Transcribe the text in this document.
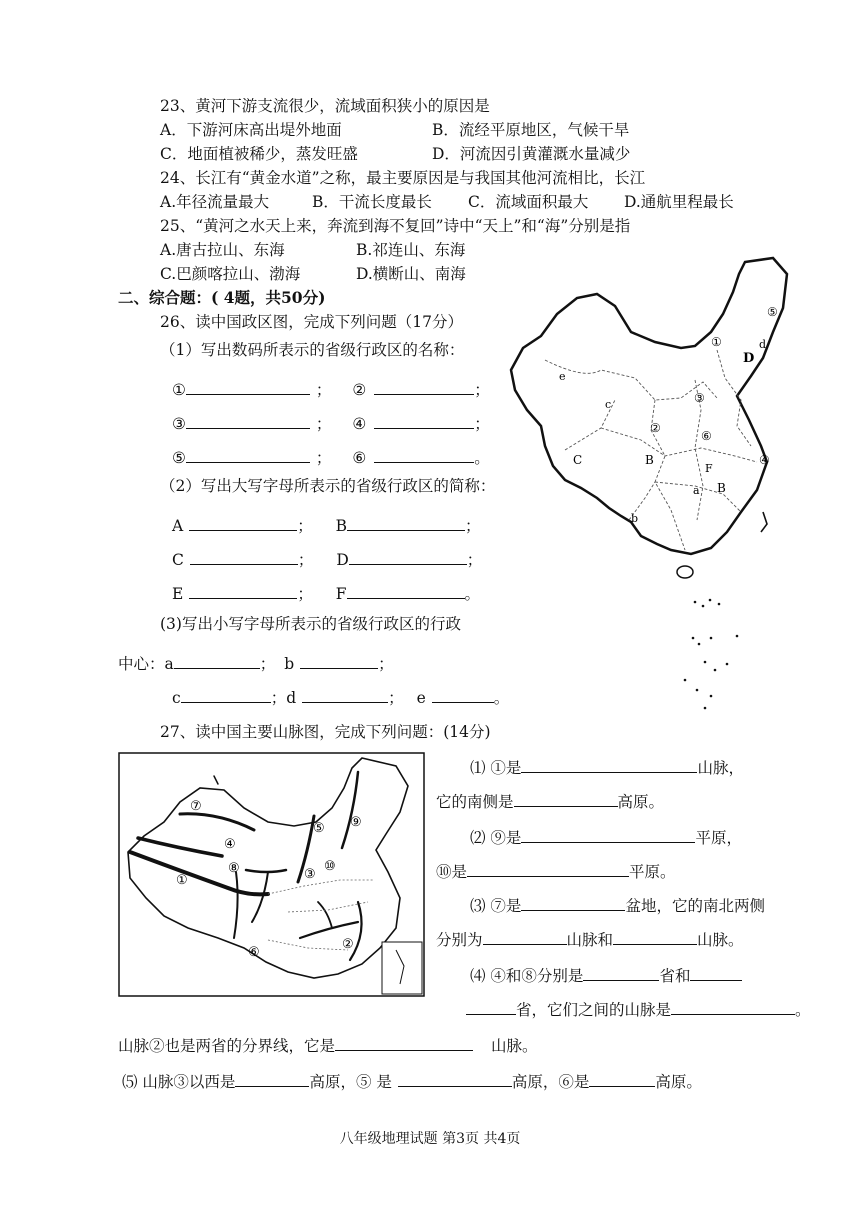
23、黄河下游支流很少，流域面积狭小的原因是
A．下游河床高出堤外地面	B．流经平原地区，气候干旱
C．地面植被稀少，蒸发旺盛	D．河流因引黄灌溉水量减少
24、长江有“黄金水道”之称，最主要原因是与我国其他河流相比，长江
A.年径流量最大	B．干流长度最长 C．流域面积最大 D.通航里程最长
25、“黄河之水天上来，奔流到海不复回”诗中“天上”和“海”分别是指
A.唐古拉山、东海	B.祁连山、东海
C.巴颜喀拉山、渤海	D.横断山、南海
二、综合题：( 4题，共50分)
26、读中国政区图，完成下列问题（17分）
（1）写出数码所表示的省级行政区的名称：
①	； ②	；
③	； ④	；
⑤	； ⑥	。
（2）写出大写字母所表示的省级行政区的简称：
A	； B	；
C	； D	；
E	； F	。
(3)写出小写字母所表示的省级行政区的行政
中心：a	； b	；
c	；d	； e	。
e
c
C	B
b
a B
F
D
d
①
②
③
④
⑤
⑥
27、读中国主要山脉图，完成下列问题：(14分)
⑦
⑤ ⑨
④
⑧	⑩
①	③
②
⑥
⑴ ①是	山脉，
它的南侧是	高原。
⑵ ⑨是	平原，
⑩是	平原。
⑶ ⑦是	盆地，它的南北两侧
分别为	山脉和	山脉。
⑷ ④和⑧分别是	省和
省，它们之间的山脉是	。
山脉②也是两省的分界线，它是	山脉。
⑸ 山脉③以西是	高原，⑤ 是	高原，⑥是	高原。
八年级地理试题 第3页 共4页
